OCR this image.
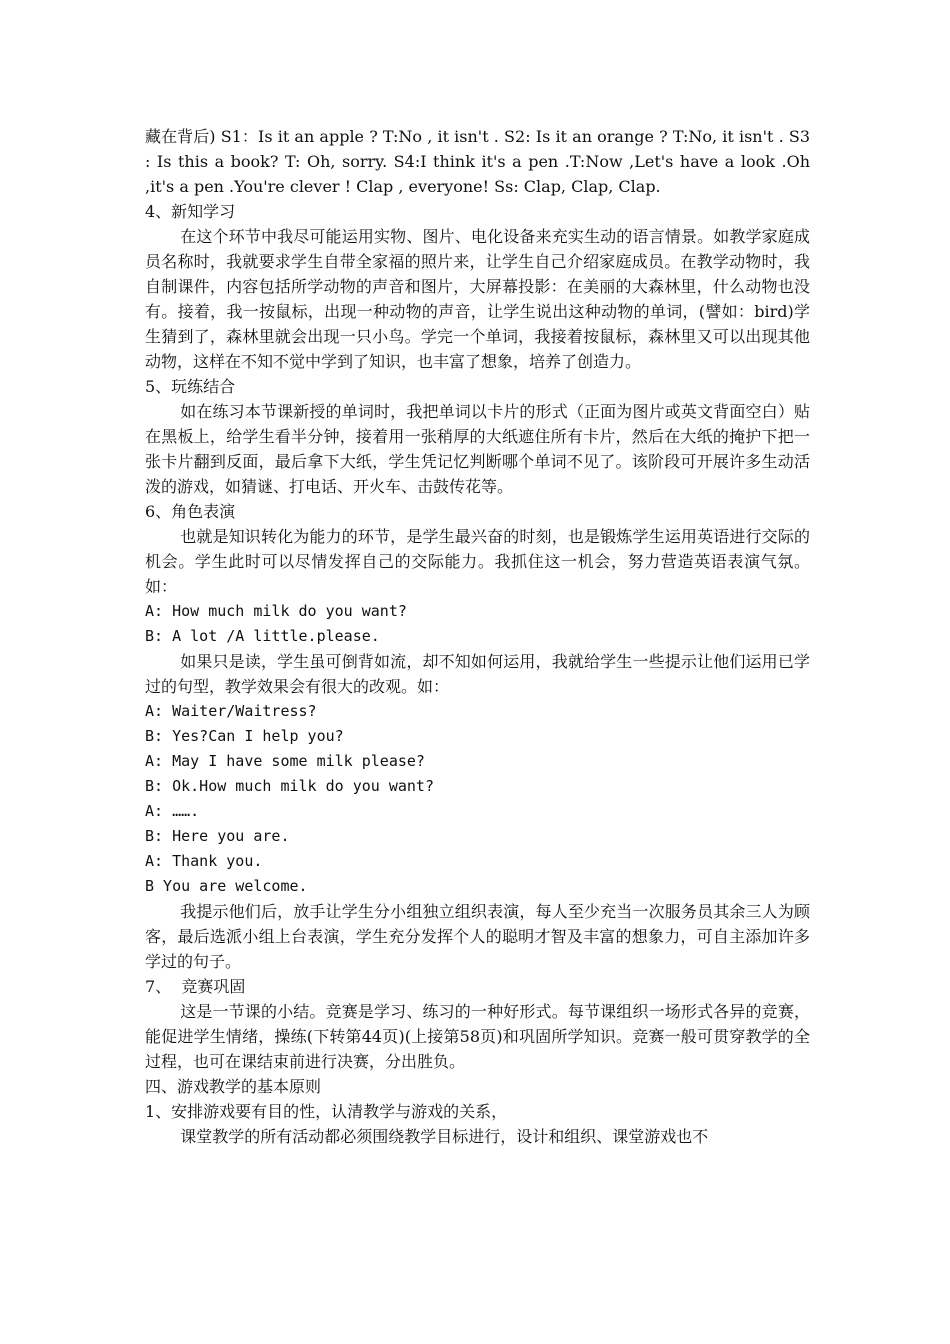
藏在背后) S1：Is it an apple ? T:No , it isn't . S2: Is it an orange ? T:No, it isn't . S3 : Is this a book? T: Oh, sorry. S4:I think it's a pen .T:Now ,Let's have a look .Oh ,it's a pen .You're clever ! Clap , everyone! Ss: Clap, Clap, Clap.

4、新知学习

在这个环节中我尽可能运用实物、图片、电化设备来充实生动的语言情景。如教学家庭成员名称时，我就要求学生自带全家福的照片来，让学生自己介绍家庭成员。在教学动物时，我自制课件，内容包括所学动物的声音和图片，大屏幕投影：在美丽的大森林里，什么动物也没有。接着，我一按鼠标，出现一种动物的声音，让学生说出这种动物的单词，(譬如：bird)学生猜到了，森林里就会出现一只小鸟。学完一个单词，我接着按鼠标，森林里又可以出现其他动物，这样在不知不觉中学到了知识，也丰富了想象，培养了创造力。

5、玩练结合

如在练习本节课新授的单词时，我把单词以卡片的形式（正面为图片或英文背面空白）贴在黑板上，给学生看半分钟，接着用一张稍厚的大纸遮住所有卡片，然后在大纸的掩护下把一张卡片翻到反面，最后拿下大纸，学生凭记忆判断哪个单词不见了。该阶段可开展许多生动活泼的游戏，如猜谜、打电话、开火车、击鼓传花等。

6、角色表演

也就是知识转化为能力的环节，是学生最兴奋的时刻，也是锻炼学生运用英语进行交际的机会。学生此时可以尽情发挥自己的交际能力。我抓住这一机会，努力营造英语表演气氛。如：

A: How much milk do you want?

B: A lot /A little.please.

如果只是读，学生虽可倒背如流，却不知如何运用，我就给学生一些提示让他们运用已学过的句型，教学效果会有很大的改观。如：

A: Waiter/Waitress?

B: Yes?Can I help you?

A: May I have some milk please?

B: Ok.How much milk do you want?

A: …….

B: Here you are.

A: Thank you.

B You are welcome.

我提示他们后，放手让学生分小组独立组织表演，每人至少充当一次服务员其余三人为顾客，最后选派小组上台表演，学生充分发挥个人的聪明才智及丰富的想象力，可自主添加许多学过的句子。

7、  竞赛巩固

这是一节课的小结。竞赛是学习、练习的一种好形式。每节课组织一场形式各异的竞赛，能促进学生情绪，操练(下转第44页)(上接第58页)和巩固所学知识。竞赛一般可贯穿教学的全过程，也可在课结束前进行决赛，分出胜负。

四、游戏教学的基本原则

1、安排游戏要有目的性，认清教学与游戏的关系，

课堂教学的所有活动都必须围绕教学目标进行，设计和组织、课堂游戏也不
